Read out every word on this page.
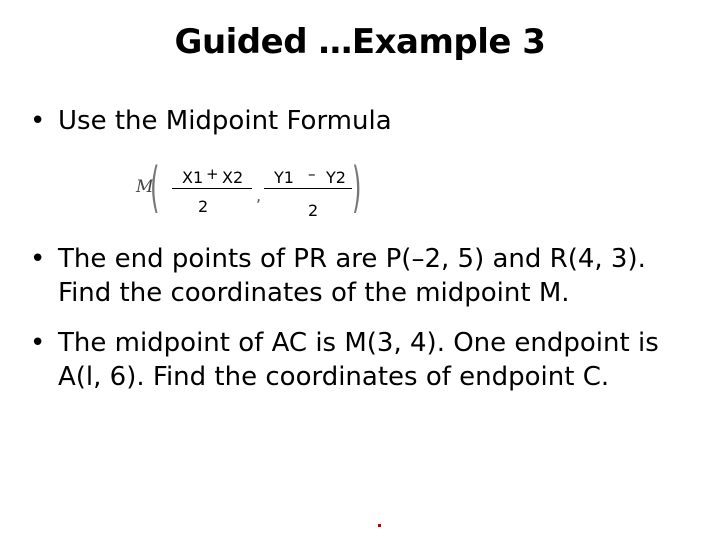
Guided …Example 3
• Use the Midpoint Formula
M
( X1 + X2
2
,
Y1 – Y2
2 )
• The end points of PR are P(–2, 5) and R(4, 3). Find the coordinates of the midpoint M.
• The midpoint of AC is M(3, 4). One endpoint is A(l, 6). Find the coordinates of endpoint C.
